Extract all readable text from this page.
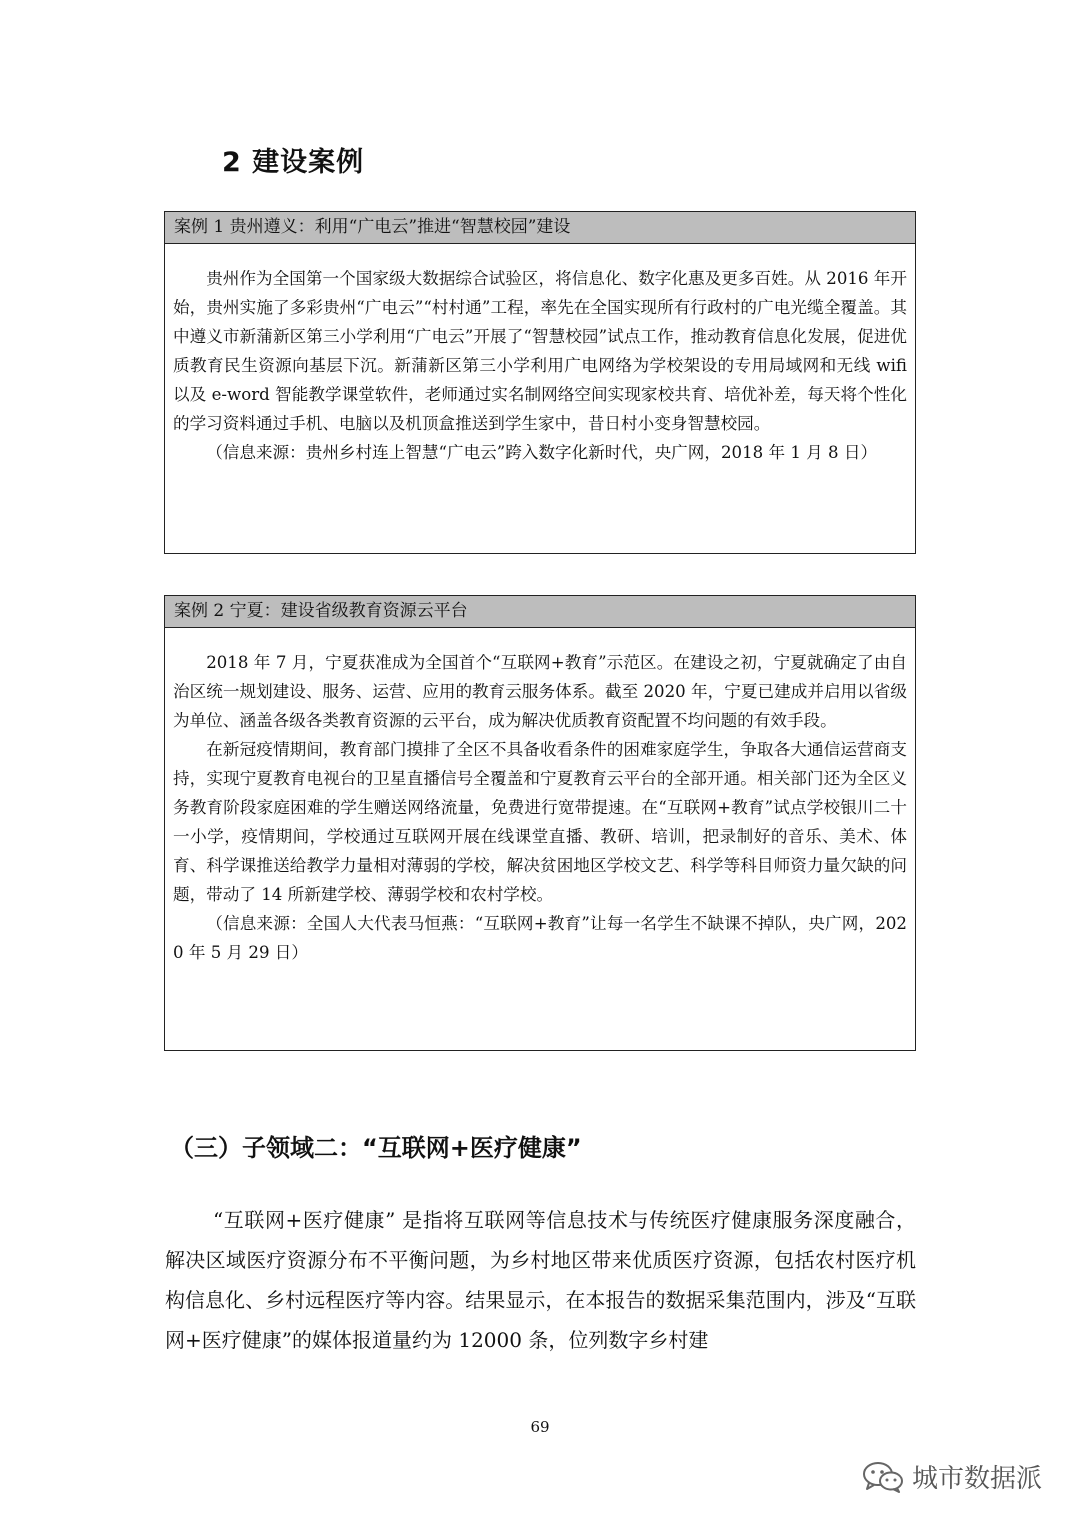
2 建设案例
案例 1 贵州遵义：利用“广电云”推进“智慧校园”建设

贵州作为全国第一个国家级大数据综合试验区，将信息化、数字化惠及更多百姓。从 2016 年开始，贵州实施了多彩贵州“广电云”“村村通”工程，率先在全国实现所有行政村的广电光缆全覆盖。其中遵义市新蒲新区第三小学利用“广电云”开展了“智慧校园”试点工作，推动教育信息化发展，促进优质教育民生资源向基层下沉。新蒲新区第三小学利用广电网络为学校架设的专用局域网和无线 wifi 以及 e-word 智能教学课堂软件，老师通过实名制网络空间实现家校共育、培优补差，每天将个性化的学习资料通过手机、电脑以及机顶盒推送到学生家中，昔日村小变身智慧校园。

（信息来源：贵州乡村连上智慧“广电云”跨入数字化新时代，央广网，2018 年 1 月 8 日）

案例 2 宁夏：建设省级教育资源云平台

2018 年 7 月，宁夏获准成为全国首个“互联网+教育”示范区。在建设之初，宁夏就确定了由自治区统一规划建设、服务、运营、应用的教育云服务体系。截至 2020 年，宁夏已建成并启用以省级为单位、涵盖各级各类教育资源的云平台，成为解决优质教育资配置不均问题的有效手段。

在新冠疫情期间，教育部门摸排了全区不具备收看条件的困难家庭学生，争取各大通信运营商支持，实现宁夏教育电视台的卫星直播信号全覆盖和宁夏教育云平台的全部开通。相关部门还为全区义务教育阶段家庭困难的学生赠送网络流量，免费进行宽带提速。在“互联网+教育”试点学校银川二十一小学，疫情期间，学校通过互联网开展在线课堂直播、教研、培训，把录制好的音乐、美术、体育、科学课推送给教学力量相对薄弱的学校，解决贫困地区学校文艺、科学等科目师资力量欠缺的问题，带动了 14 所新建学校、薄弱学校和农村学校。

（信息来源：全国人大代表马恒燕：“互联网+教育”让每一名学生不缺课不掉队，央广网，2020 年 5 月 29 日）

（三）子领域二：“互联网+医疗健康”

“互联网+医疗健康” 是指将互联网等信息技术与传统医疗健康服务深度融合，解决区域医疗资源分布不平衡问题，为乡村地区带来优质医疗资源，包括农村医疗机构信息化、乡村远程医疗等内容。结果显示，在本报告的数据采集范围内，涉及“互联网+医疗健康”的媒体报道量约为 12000 条，位列数字乡村建

69
城市数据派
